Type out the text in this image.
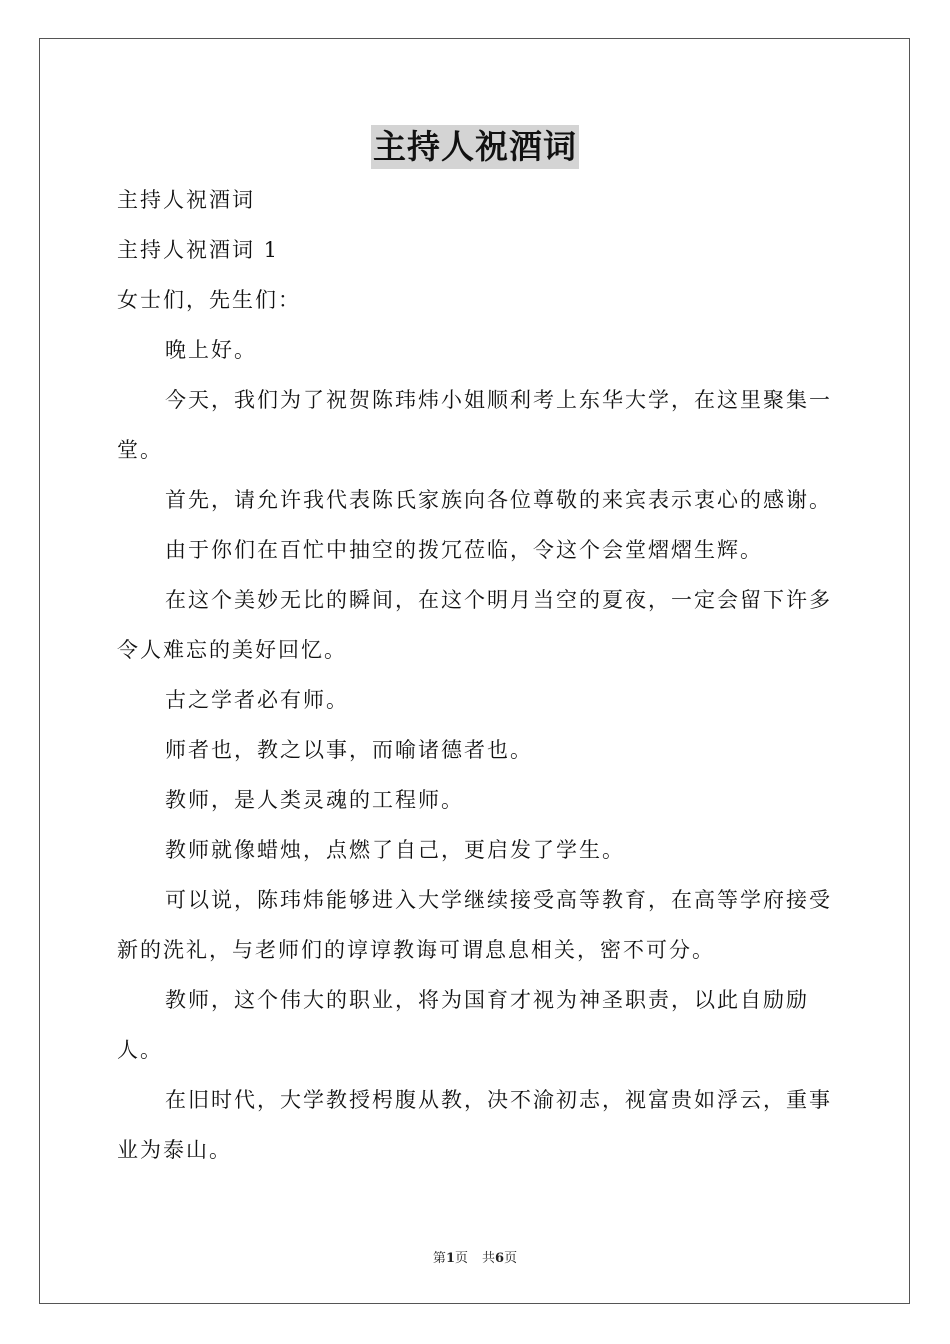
主持人祝酒词

主持人祝酒词

主持人祝酒词 1

女士们，先生们：

晚上好。

今天，我们为了祝贺陈玮炜小姐顺利考上东华大学，在这里聚集一堂。

首先，请允许我代表陈氏家族向各位尊敬的来宾表示衷心的感谢。

由于你们在百忙中抽空的拨冗莅临，令这个会堂熠熠生辉。

在这个美妙无比的瞬间，在这个明月当空的夏夜，一定会留下许多令人难忘的美好回忆。

古之学者必有师。

师者也，教之以事，而喻诸德者也。

教师，是人类灵魂的工程师。

教师就像蜡烛，点燃了自己，更启发了学生。

可以说，陈玮炜能够进入大学继续接受高等教育，在高等学府接受新的洗礼，与老师们的谆谆教诲可谓息息相关，密不可分。

教师，这个伟大的职业，将为国育才视为神圣职责，以此自励励人。

在旧时代，大学教授枵腹从教，决不渝初志，视富贵如浮云，重事业为泰山。

第1页 共6页
